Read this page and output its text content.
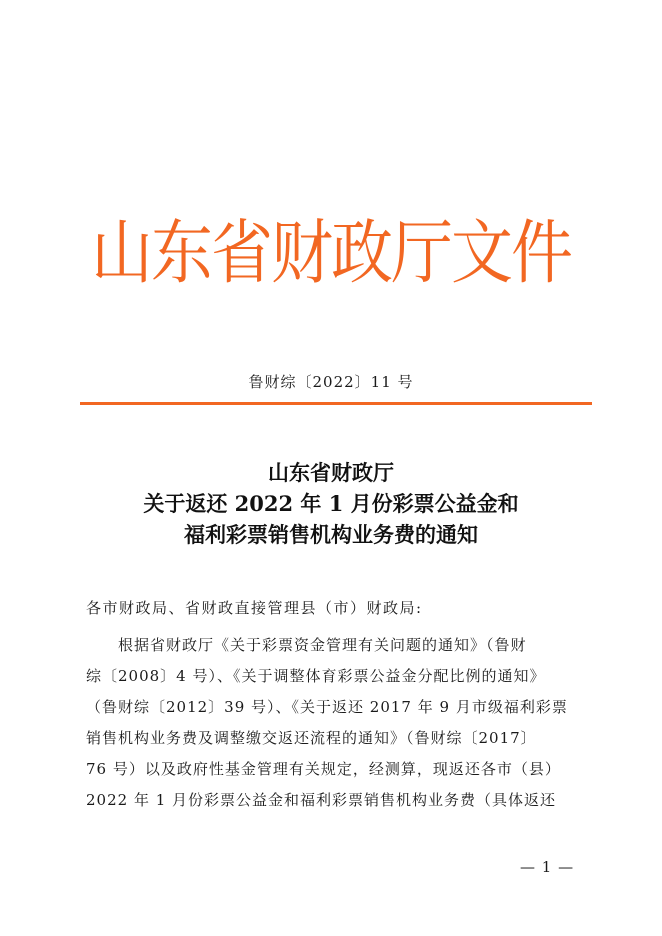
山东省财政厅文件
鲁财综〔2022〕11 号
山东省财政厅
关于返还 2022 年 1 月份彩票公益金和
福利彩票销售机构业务费的通知
各市财政局、省财政直接管理县（市）财政局:
根据省财政厅《关于彩票资金管理有关问题的通知》（鲁财
综〔2008〕4 号）、《关于调整体育彩票公益金分配比例的通知》
（鲁财综〔2012〕39 号）、《关于返还 2017 年 9 月市级福利彩票
销售机构业务费及调整缴交返还流程的通知》（鲁财综〔2017〕
76 号）以及政府性基金管理有关规定，经测算，现返还各市（县）
2022 年 1 月份彩票公益金和福利彩票销售机构业务费（具体返还
— 1 —
